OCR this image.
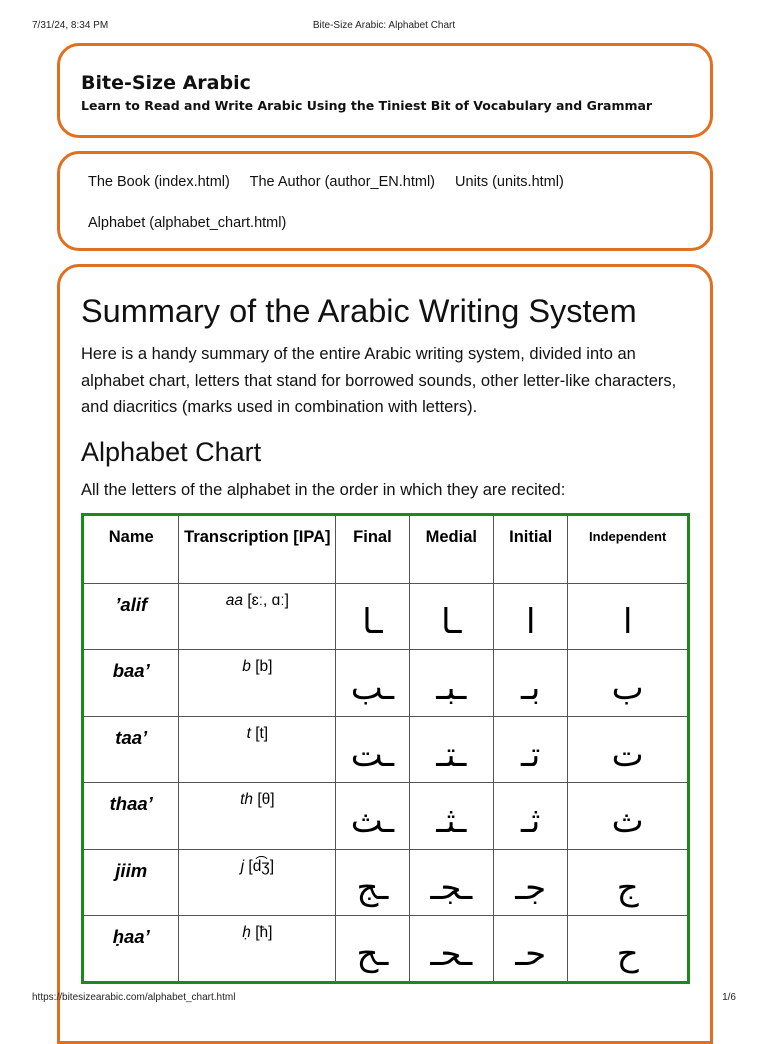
7/31/24, 8:34 PM	Bite-Size Arabic: Alphabet Chart
Bite-Size Arabic
Learn to Read and Write Arabic Using the Tiniest Bit of Vocabulary and Grammar
The Book (index.html) The Author (author_EN.html) Units (units.html)
Alphabet (alphabet_chart.html)
Summary of the Arabic Writing System

Here is a handy summary of the entire Arabic writing system, divided into an alphabet chart, letters that stand for borrowed sounds, other letter-like characters, and diacritics (marks used in combination with letters).

Alphabet Chart

All the letters of the alphabet in the order in which they are recited:

Name	Transcription [IPA]	Final	Medial	Initial	Independent
’alif	aa [ɛː, ɑː]	ـا	ـا	ا	ا
baa’	b [b]	ـب	ـبـ	بـ	ب
taa’	t [t]	ـت	ـتـ	تـ	ت
thaa’	th [θ]	ـث	ـثـ	ثـ	ث
jiim	j [d͡ʒ]	ـج	ـجـ	جـ	ج
ḥaa’	ḥ [ħ]	ـح	ـحـ	حـ	ح
https://bitesizearabic.com/alphabet_chart.html	1/6
